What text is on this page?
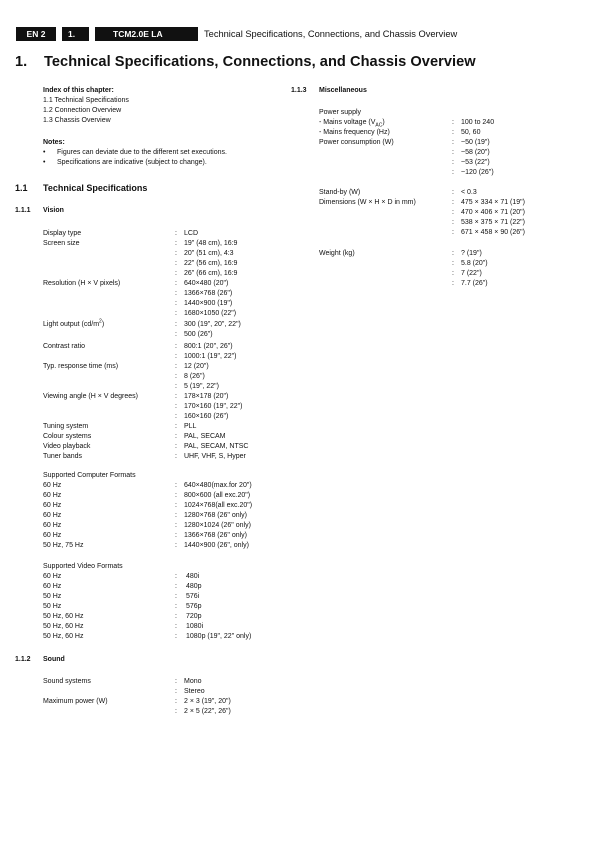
EN 2	1.	TCM2.0E LA	Technical Specifications, Connections, and Chassis Overview
1. Technical Specifications, Connections, and Chassis Overview
Index of this chapter:
1.1 Technical Specifications
1.2 Connection Overview
1.3 Chassis Overview
Notes:
• Figures can deviate due to the different set executions.
• Specifications are indicative (subject to change).
1.1 Technical Specifications
1.1.1 Vision
Display type	: LCD
Screen size	: 19" (48 cm), 16:9
: 20" (51 cm), 4:3
: 22" (56 cm), 16:9
: 26" (66 cm), 16:9
Resolution (H × V pixels)	: 640×480 (20")
: 1366×768 (26")
: 1440×900 (19")
: 1680×1050 (22")
Light output $(cd/m^2)$	: 300 (19", 20", 22")
: 500 (26")
Contrast ratio	: 800:1 (20", 26")
: 1000:1 (19", 22")
Typ. response time (ms)	: 12 (20")
: 8 (26")
: 5 (19", 22")
Viewing angle (H × V degrees)	: 178×178 (20")
: 170×160 (19", 22")
: 160×160 (26")
Tuning system	: PLL
Colour systems	: PAL, SECAM
Video playback	: PAL, SECAM, NTSC
Tuner bands	: UHF, VHF, S, Hyper
Supported Computer Formats
60 Hz	: 640×480(max.for 20")
60 Hz	: 800×600 (all exc.20")
60 Hz	: 1024×768(all exc.20")
60 Hz	: 1280×768 (26" only)
60 Hz	: 1280×1024 (26" only)
60 Hz	: 1366×768 (26" only)
50 Hz, 75 Hz	: 1440×900 (26", only)
Supported Video Formats
60 Hz	: 480i
60 Hz	: 480p
50 Hz	: 576i
50 Hz	: 576p
50 Hz, 60 Hz	: 720p
50 Hz, 60 Hz	: 1080i
50 Hz, 60 Hz	: 1080p (19", 22" only)
1.1.2 Sound
Sound systems	: Mono
: Stereo
Maximum power (W)	: 2 × 3 (19", 20")
: 2 × 5 (22", 26")
1.1.3 Miscellaneous
Power supply
- Mains voltage $(V_{AC})$	: 100 to 240
- Mains frequency (Hz)	: 50, 60
Power consumption (W)	: ~50 (19")
: ~58 (20")
: ~53 (22")
: ~120 (26")
Stand-by (W)	: < 0.3
Dimensions (W × H × D in mm)	: 475 × 334 × 71 (19")
: 470 × 406 × 71 (20")
: 538 × 375 × 71 (22")
: 671 × 458 × 90 (26")
Weight (kg)	: ? (19")
: 5.8 (20")
: 7 (22")
: 7.7 (26")
